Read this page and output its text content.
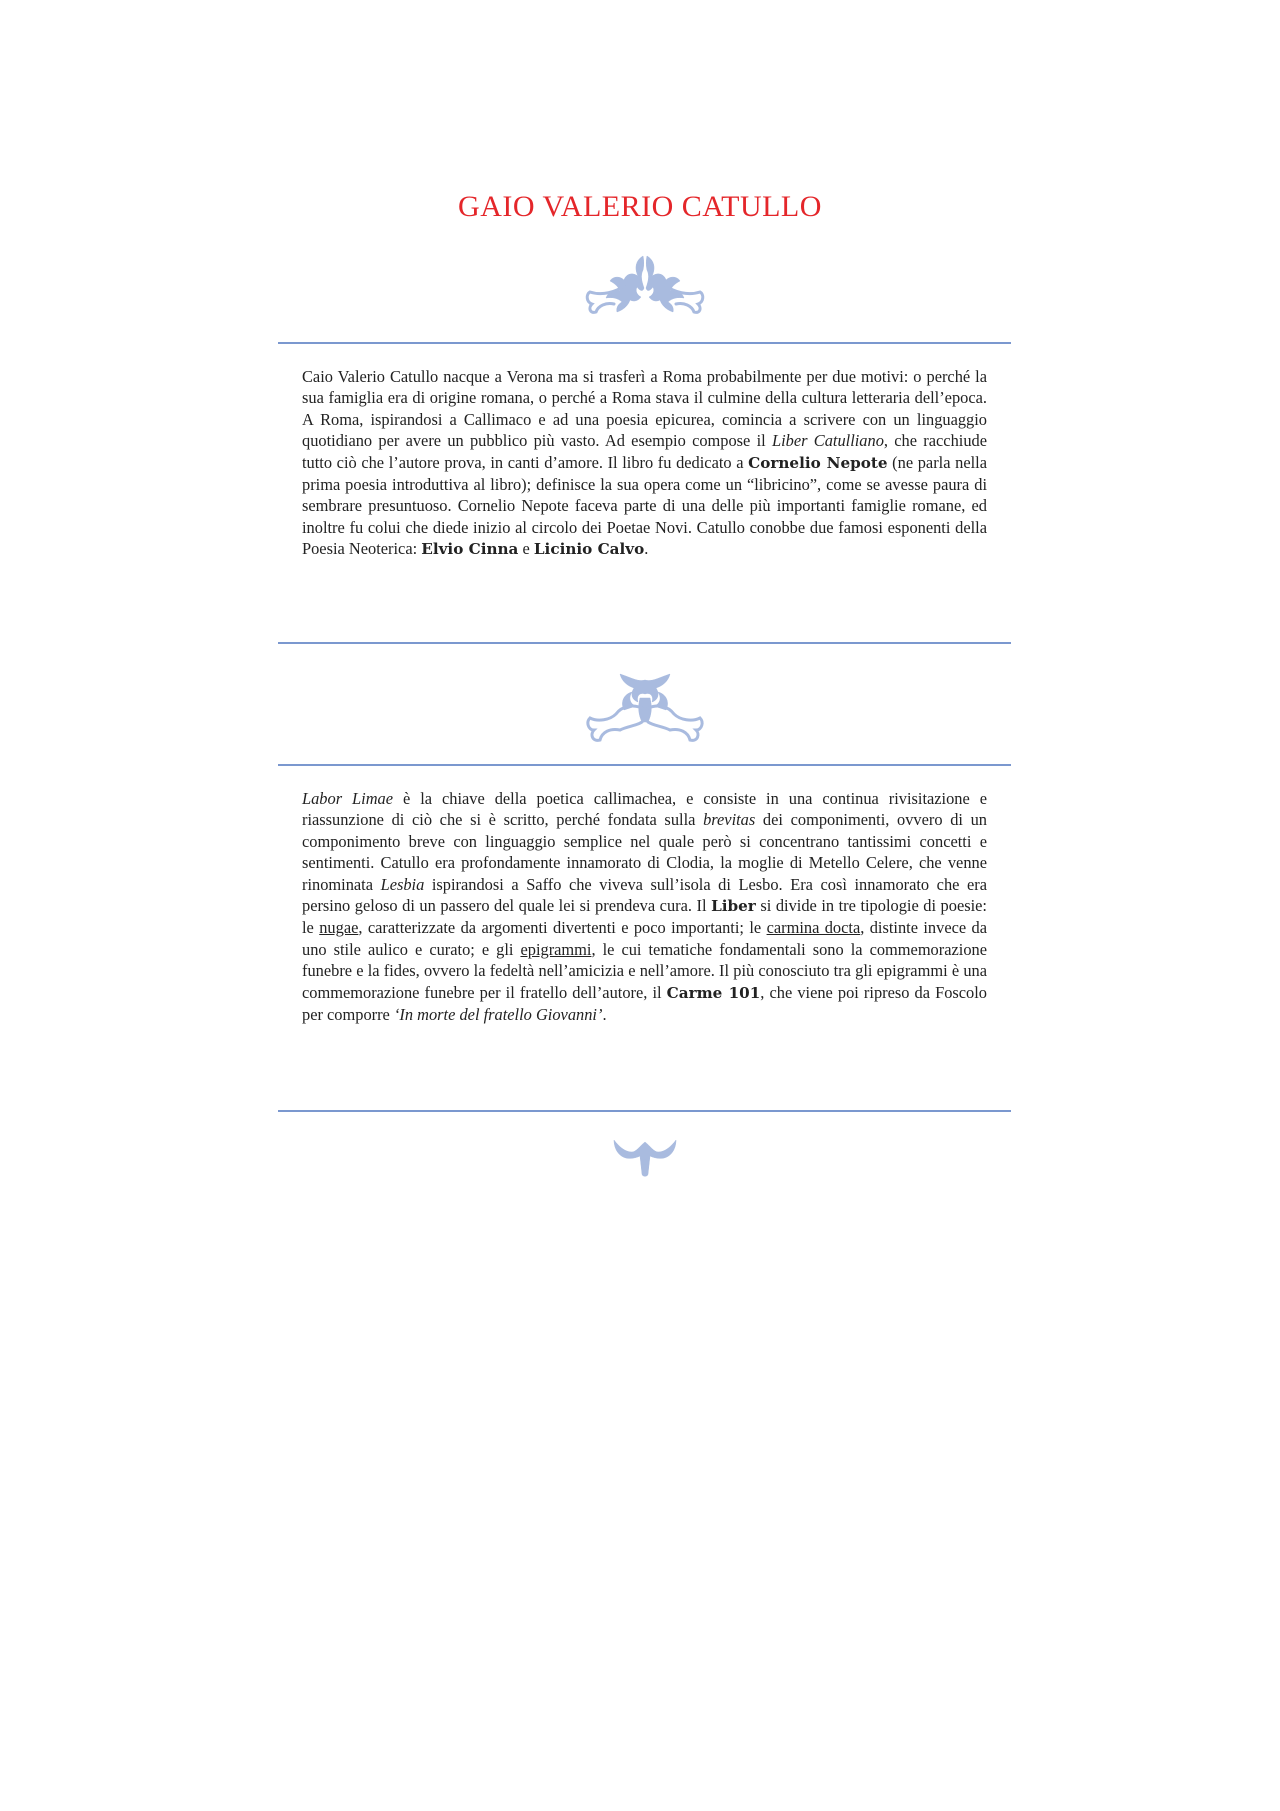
GAIO VALERIO CATULLO

Caio Valerio Catullo nacque a Verona ma si trasferì a Roma probabilmente per due motivi: o perché la sua famiglia era di origine romana, o perché a Roma stava il culmine della cultura letteraria dell’epoca. A Roma, ispirandosi a Callimaco e ad una poesia epicurea, comincia a scrivere con un linguaggio quotidiano per avere un pubblico più vasto. Ad esempio compose il Liber Catulliano, che racchiude tutto ciò che l’autore prova, in canti d’amore. Il libro fu dedicato a Cornelio Nepote (ne parla nella prima poesia introduttiva al libro); definisce la sua opera come un “libricino”, come se avesse paura di sembrare presuntuoso. Cornelio Nepote faceva parte di una delle più importanti famiglie romane, ed inoltre fu colui che diede inizio al circolo dei Poetae Novi. Catullo conobbe due famosi esponenti della Poesia Neoterica: Elvio Cinna e Licinio Calvo.

Labor Limae è la chiave della poetica callimachea, e consiste in una continua rivisitazione e riassunzione di ciò che si è scritto, perché fondata sulla brevitas dei componimenti, ovvero di un componimento breve con linguaggio semplice nel quale però si concentrano tantissimi concetti e sentimenti. Catullo era profondamente innamorato di Clodia, la moglie di Metello Celere, che venne rinominata Lesbia ispirandosi a Saffo che viveva sull’isola di Lesbo. Era così innamorato che era persino geloso di un passero del quale lei si prendeva cura. Il Liber si divide in tre tipologie di poesie: le nugae, caratterizzate da argomenti divertenti e poco importanti; le carmina docta, distinte invece da uno stile aulico e curato; e gli epigrammi, le cui tematiche fondamentali sono la commemorazione funebre e la fides, ovvero la fedeltà nell’amicizia e nell’amore. Il più conosciuto tra gli epigrammi è una commemorazione funebre per il fratello dell’autore, il Carme 101, che viene poi ripreso da Foscolo per comporre ‘In morte del fratello Giovanni’.
